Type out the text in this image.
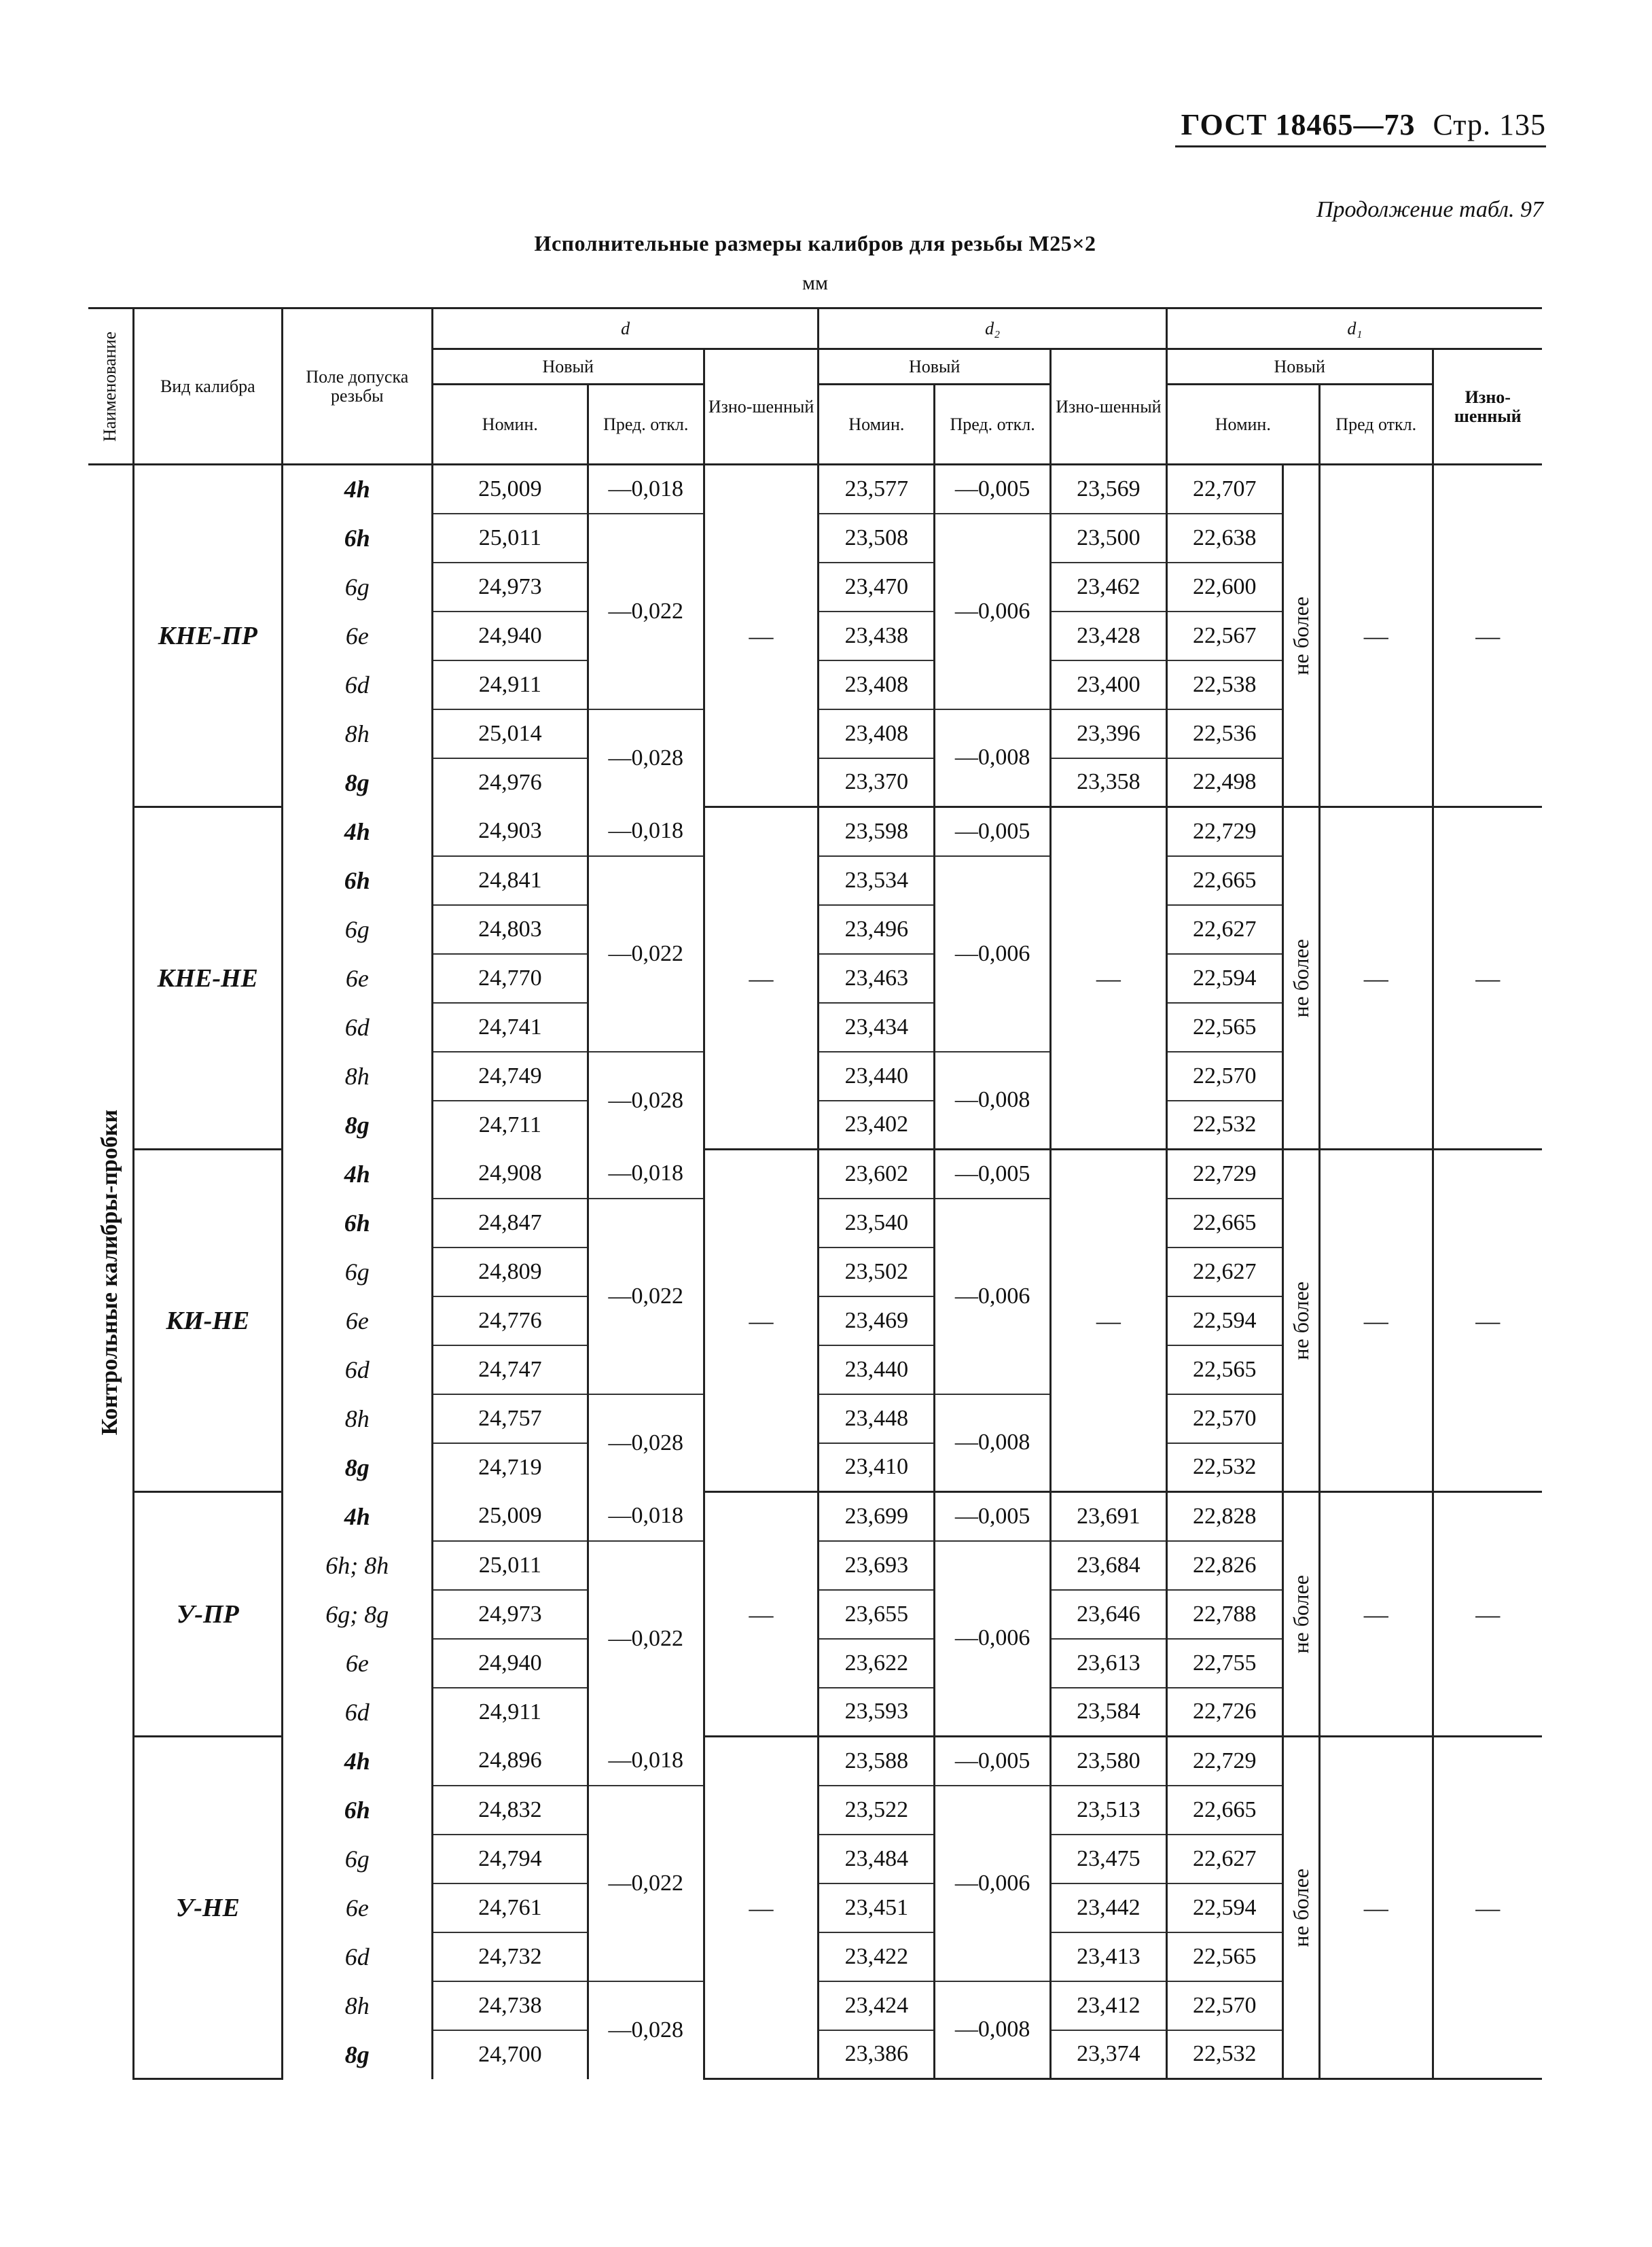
ГОСТ 18465—73 Стр. 135
Продолжение табл. 97
Исполнительные размеры калибров для резьбы М25×2
мм
Наименование	Вид калибра	Поле допуска резьбы	d			d₂			d₁			
			Новый		Изно-шенный	Новый		Изно-шенный	Новый			Изно-шенный
			Номин.	Пред. откл.		Номин.	Пред. откл.		Номин.		Пред откл.	

Контрольные калибры-пробки	КНЕ-ПР	4h	25,009	—0,018	—	23,577	—0,005	23,569	22,707	не более	—	—
		6h	25,011	—0,022		23,508	—0,006	23,500	22,638			
		6g	24,973			23,470		23,462	22,600			
		6e	24,940			23,438		23,428	22,567			
		6d	24,911			23,408		23,400	22,538			
		8h	25,014	—0,028		23,408	—0,008	23,396	22,536			
		8g	24,976			23,370		23,358	22,498			
	КНЕ-НЕ	4h	24,903	—0,018	—	23,598	—0,005	—	22,729	не более	—	—
		6h	24,841	—0,022		23,534	—0,006		22,665			
		6g	24,803			23,496			22,627			
		6e	24,770			23,463			22,594			
		6d	24,741			23,434			22,565			
		8h	24,749	—0,028		23,440	—0,008		22,570			
		8g	24,711			23,402			22,532			
	КИ-НЕ	4h	24,908	—0,018	—	23,602	—0,005	—	22,729	не более	—	—
		6h	24,847	—0,022		23,540	—0,006		22,665			
		6g	24,809			23,502			22,627			
		6e	24,776			23,469			22,594			
		6d	24,747			23,440			22,565			
		8h	24,757	—0,028		23,448	—0,008		22,570			
		8g	24,719			23,410			22,532			
	У-ПР	4h	25,009	—0,018	—	23,699	—0,005	23,691	22,828	не более	—	—
		6h; 8h	25,011	—0,022		23,693	—0,006	23,684	22,826			
		6g; 8g	24,973			23,655		23,646	22,788			
		6e	24,940			23,622		23,613	22,755			
		6d	24,911			23,593		23,584	22,726			
	У-НЕ	4h	24,896	—0,018	—	23,588	—0,005	23,580	22,729	не более	—	—
		6h	24,832	—0,022		23,522	—0,006	23,513	22,665			
		6g	24,794			23,484		23,475	22,627			
		6e	24,761			23,451		23,442	22,594			
		6d	24,732			23,422		23,413	22,565			
		8h	24,738	—0,028		23,424	—0,008	23,412	22,570			
		8g	24,700			23,386		23,374	22,532			
